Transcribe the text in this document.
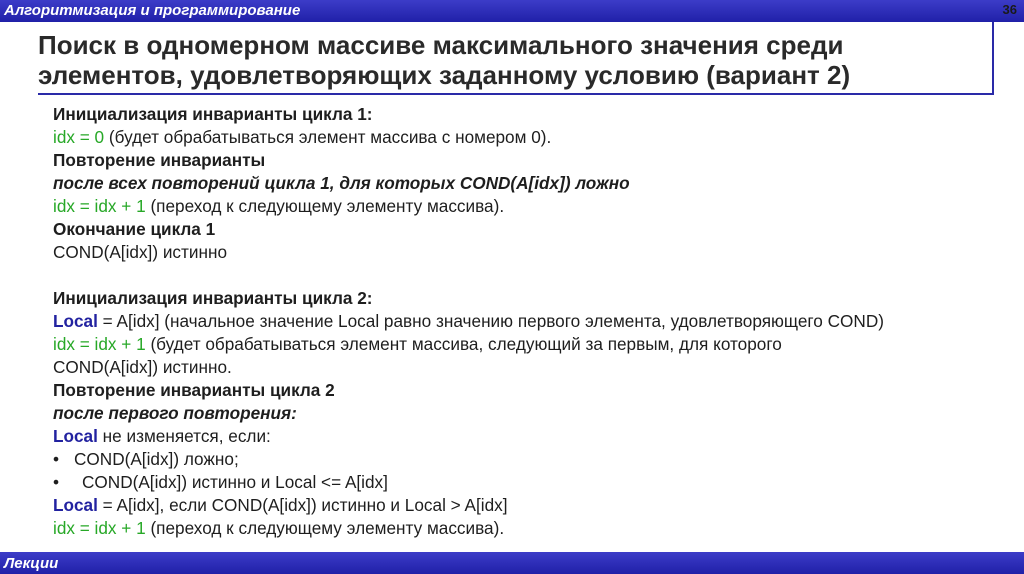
Алгоритмизация и программирование	36
Поиск в одномерном массиве максимального значения среди
элементов, удовлетворяющих заданному условию (вариант 2)
Инициализация инварианты цикла 1:
idx = 0 (будет обрабатываться элемент массива с номером 0).
Повторение инварианты
после всех повторений цикла 1, для которых COND(A[idx]) ложно
idx = idx + 1 (переход к следующему элементу массива).
Окончание цикла 1
COND(A[idx]) истинно
Инициализация инварианты цикла 2:
Local = A[idx] (начальное значение Local равно значению первого элемента, удовлетворяющего COND)
idx = idx + 1 (будет обрабатываться элемент массива, следующий за первым, для которого
COND(A[idx]) истинно.
Повторение инварианты цикла 2
после первого повторения:
Local не изменяется, если:
• COND(A[idx]) ложно;
• COND(A[idx]) истинно и Local <= A[idx]
Local = A[idx], если COND(A[idx]) истинно и Local > A[idx]
idx = idx + 1 (переход к следующему элементу массива).
Лекции
